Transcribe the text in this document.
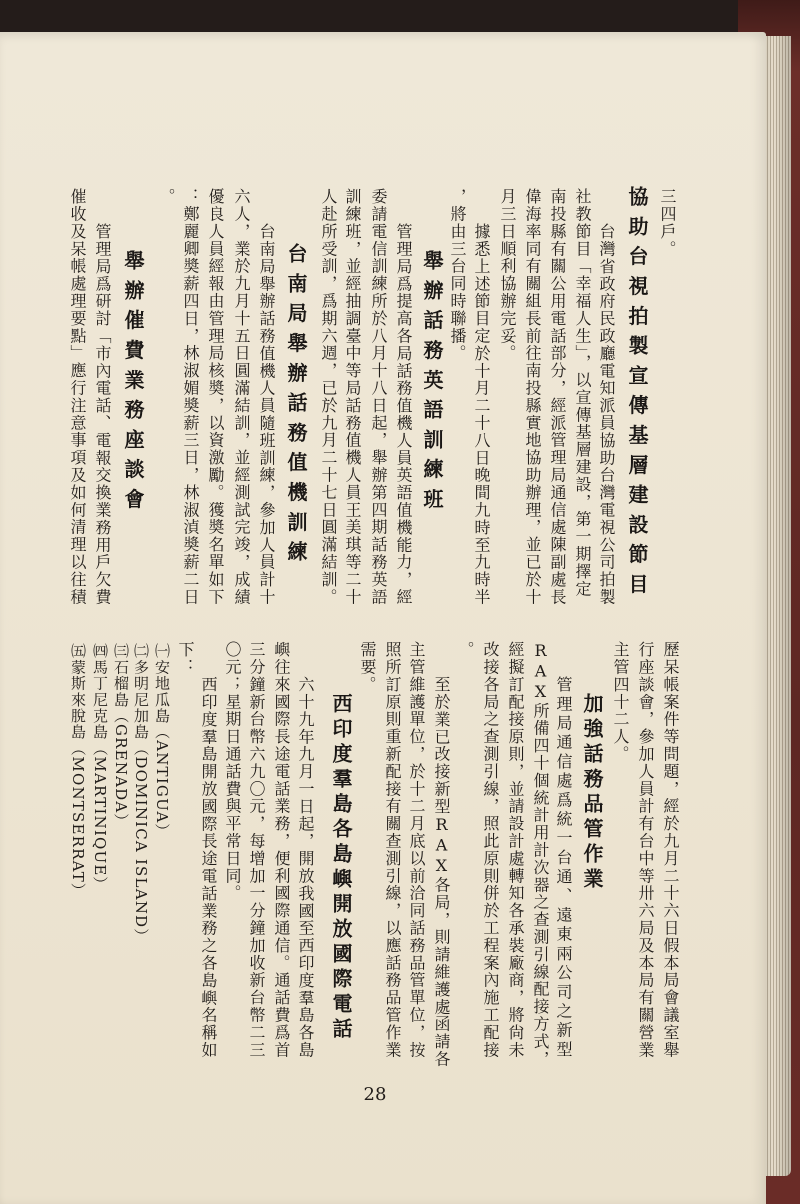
三四戶。
協助台視拍製宣傳基層建設節目
台灣省政府民政廳電知派員協助台灣電視公司拍製
社教節目「幸福人生」，以宣傳基層建設，第一期擇定
南投縣有關公用電話部分，經派管理局通信處陳副處長
偉海率同有關組長前往南投縣實地協助辦理，並已於十
月三日順利協辦完妥。
據悉上述節目定於十月二十八日晚間九時至九時半
，將由三台同時聯播。
舉辦話務英語訓練班
管理局爲提高各局話務值機人員英語值機能力，經
委請電信訓練所於八月十八日起，舉辦第四期話務英語
訓練班，並經抽調臺中等局話務值機人員王美琪等二十
人赴所受訓，爲期六週，已於九月二十七日圓滿結訓。
台南局舉辦話務值機訓練
台南局舉辦話務值機人員隨班訓練，參加人員計十
六人，業於九月十五日圓滿結訓，並經測試完竣，成績
優良人員經報由管理局核奬，以資激勵。獲奬名單如下
：鄭麗卿奬薪四日，林淑媚奬薪三日，林淑湞奬薪二日
。
舉辦催費業務座談會
管理局爲研討「市內電話、電報交換業務用戶欠費
催收及呆帳處理要點」應行注意事項及如何清理以往積
歷呆帳案件等問題，經於九月二十六日假本局會議室舉
行座談會，參加人員計有台中等卅六局及本局有關營業
主管四十二人。
加強話務品管作業
管理局通信處爲統一台通、遠東兩公司之新型
RAX所備四十個統計用計次器之查測引線配接方式，
經擬訂配接原則，並請設計處轉知各承裝廠商，將尙未
改接各局之查測引線，照此原則併於工程案內施工配接
。
至於業已改接新型RAX各局，則請維護處函請各
主管維護單位，於十二月底以前洽同話務品管單位，按
照所訂原則重新配接有關查測引線，以應話務品管作業
需要。
西印度羣島各島嶼開放國際電話
六十九年九月一日起，開放我國至西印度羣島各島
嶼往來國際長途電話業務，便利國際通信。通話費爲首
三分鐘新台幣六九〇元，每增加一分鐘加收新台幣二三
〇元；星期日通話費與平常日同。
西印度羣島開放國際長途電話業務之各島嶼名稱如
下：
㈠安地瓜島（ANTIGUA）
㈡多明尼加島（DOMINICA ISLAND）
㈢石榴島（GRENADA）
㈣馬丁尼克島（MARTINIQUE）
㈤蒙斯來脫島（MONTSERRAT）
28
